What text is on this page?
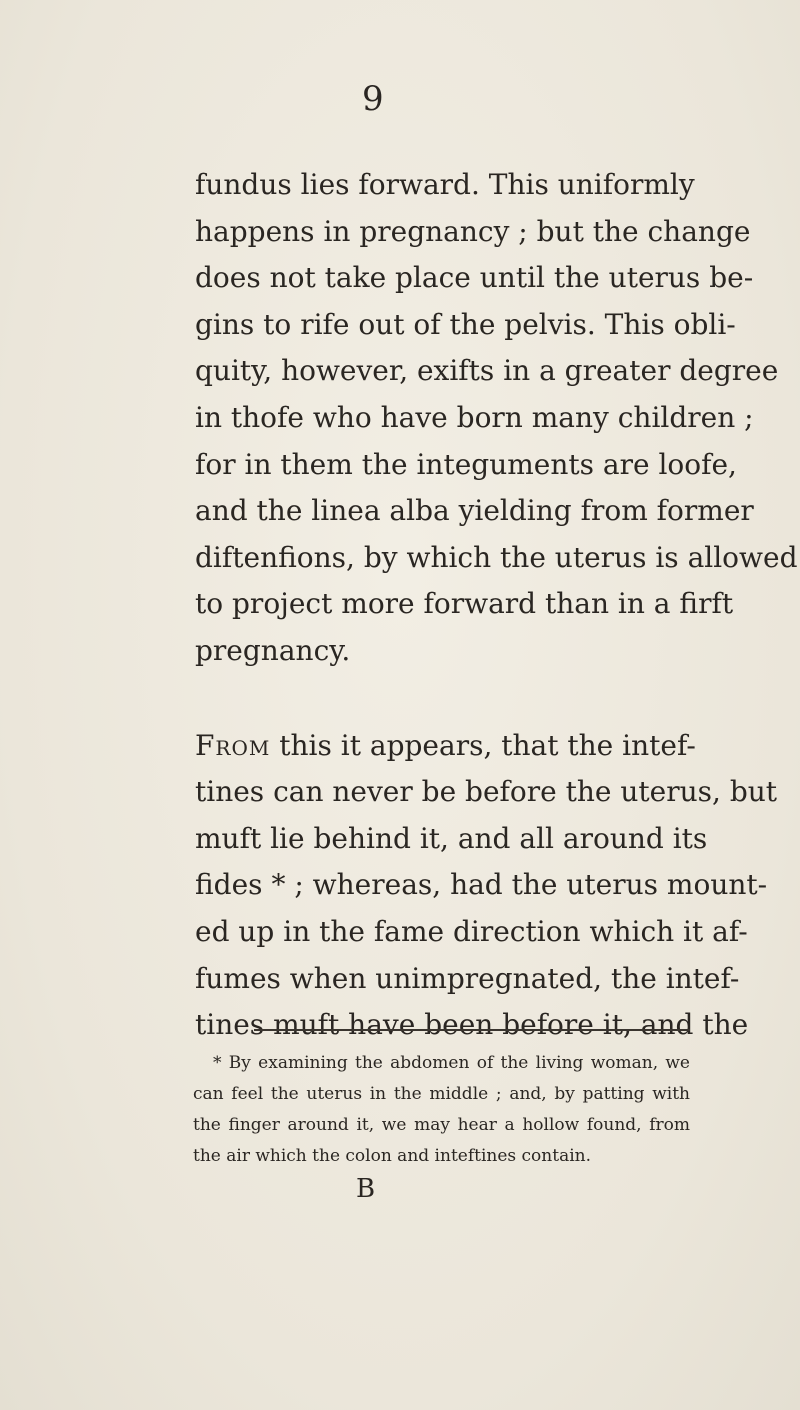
9
fundus lies forward. This uniformly
happens in pregnancy ; but the change
does not take place until the uterus be-
gins to rife out of the pelvis. This obli-
quity, however, exifts in a greater degree
in thofe who have born many children ;
for in them the integuments are loofe,
and the linea alba yielding from former
diftenfions, by which the uterus is allowed
to project more forward than in a firft
pregnancy.
From this it appears, that the intef-
tines can never be before the uterus, but
muft lie behind it, and all around its
fides * ; whereas, had the uterus mount-
ed up in the fame direction which it af-
fumes when unimpregnated, the intef-
tines muft have been before it, and the
* By examining the abdomen of the living woman, we
can feel the uterus in the middle ; and, by patting with
the finger around it, we may hear a hollow found, from
the air which the colon and inteftines contain.
B
